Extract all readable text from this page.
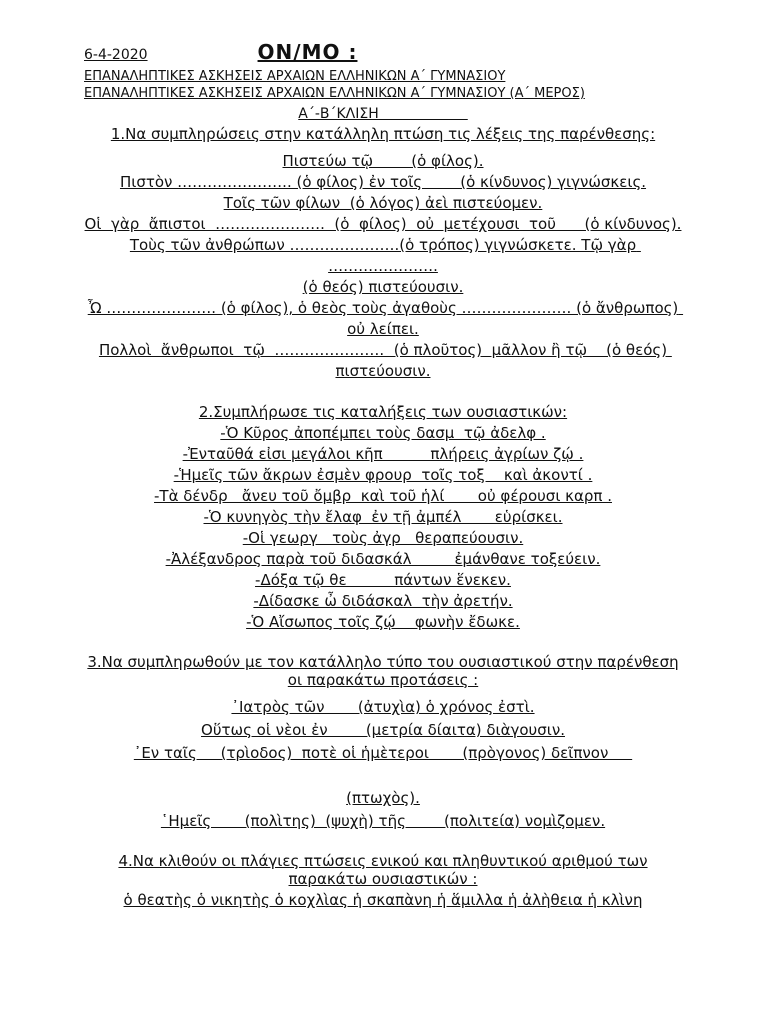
6-4-2020	ON/MO :
ΕΠΑΝΑΛΗΠΤΙΚΕΣ ΑΣΚΗΣΕΙΣ ΑΡΧΑΙΩΝ ΕΛΛΗΝΙΚΩΝ Α΄ ΓΥΜΝΑΣΙΟΥ
ΕΠΑΝΑΛΗΠΤΙΚΕΣ ΑΣΚΗΣΕΙΣ ΑΡΧΑΙΩΝ ΕΛΛΗΝΙΚΩΝ Α΄ ΓΥΜΝΑΣΙΟΥ (Α΄ ΜΕΡΟΣ)
Α΄-Β΄ΚΛΙΣΗ
1.Να συμπληρώσεις στην κατάλληλη πτώση τις λέξεις της παρένθεσης:
Πιστεύω τῷ        (ὁ φίλος).
Πιστὸν ………………….. (ὁ φίλος) ἐν τοῖς        (ὁ κίνδυνος) γιγνώσκεις.
Τοῖς τῶν φίλων  (ὁ λόγος) ἀεὶ πιστεύομεν.
Οἱ  γὰρ  ἄπιστοι  ………………….  (ὁ  φίλος)  οὐ  μετέχουσι  τοῦ      (ὁ κίνδυνος).
Τοὺς τῶν ἀνθρώπων ………………….(ὁ τρόπος) γιγνώσκετε. Τῷ γὰρ ………………….
(ὁ θεός) πιστεύουσιν.
Ὦ …………………. (ὁ φίλος), ὁ θεὸς τοὺς ἀγαθοὺς …………………. (ὁ ἄνθρωπος) οὐ λείπει.
Πολλοὶ  ἄνθρωποι  τῷ  ………………….  (ὁ πλοῦτος)  μᾶλλον ἢ τῷ    (ὁ θεός) πιστεύουσιν.
2.Συμπλήρωσε τις καταλήξεις των ουσιαστικών:
-Ὁ Κῦρος ἀποπέμπει τοὺς δασμ  τῷ ἀδελφ .
-Ἐνταῦθά εἰσι μεγάλοι κῆπ          πλήρεις ἀγρίων ζῴ .
-Ἡμεῖς τῶν ἄκρων ἐσμὲν φρουρ  τοῖς τοξ    καὶ ἀκοντί .
-Τὰ δένδρ   ἄνευ τοῦ ὄμβρ  καὶ τοῦ ἡλί       οὐ φέρουσι καρπ .
-Ὁ κυνηγὸς τὴν ἔλαφ  ἐν τῇ ἀμπέλ       εὑρίσκει.
-Οἱ γεωργ   τοὺς ἀγρ   θεραπεύουσιν.
-Ἀλέξανδρος παρὰ τοῦ διδασκάλ         ἐμάνθανε τοξεύειν.
-Δόξα τῷ θε          πάντων ἕνεκεν.
-Δίδασκε ὦ διδάσκαλ  τὴν ἀρετήν.
-Ὁ Αἴσωπος τοῖς ζῴ    φωνὴν ἔδωκε.
3.Να συμπληρωθούν με τον κατάλληλο τύπο του ουσιαστικού στην παρένθεση οι παρακάτω προτάσεις :
᾿Ιατρὸς τῶν       (ἀτυχὶα) ὁ χρόνος ἐστὶ.
Οὕτως οἱ νὲοι ἐν        (μετρία δίαιτα) διὰγουσιν.
᾿Εν ταῖς     (τρὶοδος)  ποτὲ οἱ ἡμὲτεροι       (πρὸγονος) δεῖπνον
(πτωχὸς).
῾Ημεῖς       (πολὶτης)  (ψυχὴ) τῆς        (πολιτεία) νομὶζομεν.
4.Να κλιθούν οι πλάγιες πτώσεις ενικού και πληθυντικού αριθμού των παρακάτω ουσιαστικών :
ὁ θεατὴς ὁ νικητὴς ὁ κοχλὶας ἡ σκαπὰνη ἡ ἅμιλλα ἡ ἀλὴθεια ἡ κλὶνη
